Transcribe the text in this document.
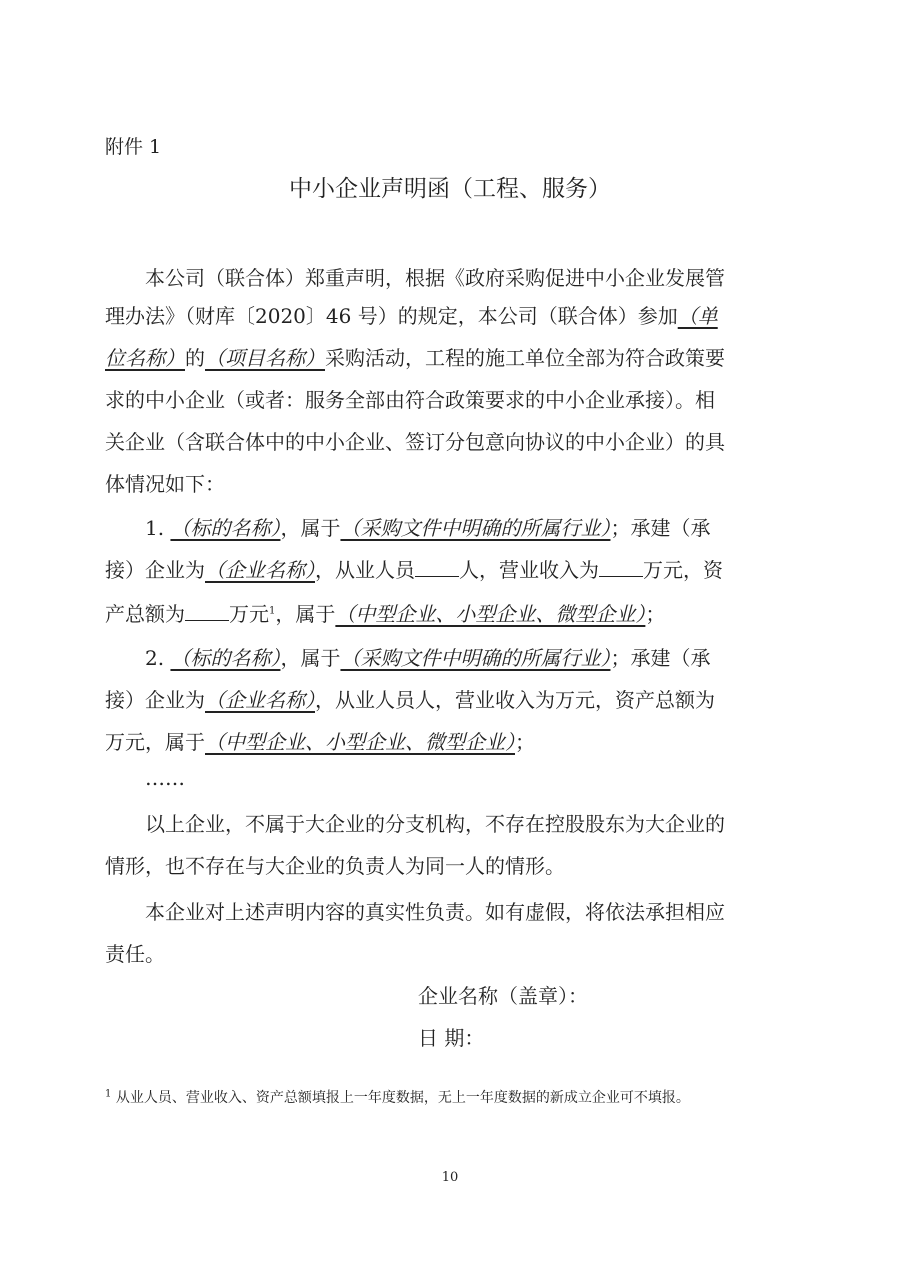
附件 1
中小企业声明函（工程、服务）
本公司（联合体）郑重声明，根据《政府采购促进中小企业发展管
理办法》（财库〔2020〕46 号）的规定，本公司（联合体）参加（单
位名称）的（项目名称）采购活动，工程的施工单位全部为符合政策要
求的中小企业（或者：服务全部由符合政策要求的中小企业承接）。相
关企业（含联合体中的中小企业、签订分包意向协议的中小企业）的具
体情况如下：
1. （标的名称），属于（采购文件中明确的所属行业）；承建（承
接）企业为（企业名称），从业人员 人，营业收入为 万元，资
产总额为 万元$^1$，属于（中型企业、小型企业、微型企业）；
2. （标的名称），属于（采购文件中明确的所属行业）；承建（承
接）企业为（企业名称），从业人员人，营业收入为万元，资产总额为
万元，属于（中型企业、小型企业、微型企业）；
……
以上企业，不属于大企业的分支机构，不存在控股股东为大企业的
情形，也不存在与大企业的负责人为同一人的情形。
本企业对上述声明内容的真实性负责。如有虚假，将依法承担相应
责任。
企业名称（盖章）：
日 期：
$^1$ 从业人员、营业收入、资产总额填报上一年度数据，无上一年度数据的新成立企业可不填报。
10
